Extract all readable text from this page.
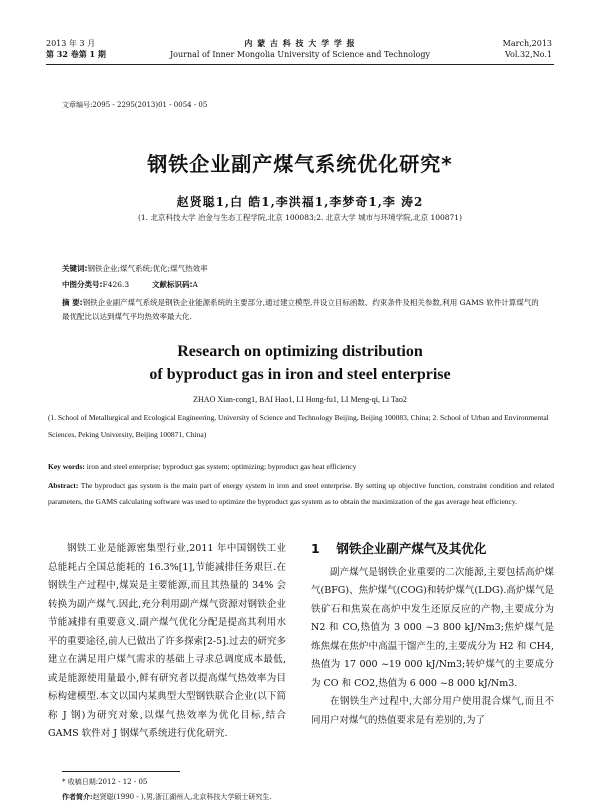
2013 年 3 月
第 32 卷第 1 期
内 蒙 古 科 技 大 学 学 报
Journal of Inner Mongolia University of Science and Technology
March,2013
Vol.32,No.1
文章编号:2095 - 2295(2013)01 - 0054 - 05
钢铁企业副产煤气系统优化研究*
赵贤聪1,白 皓1,李洪福1,李梦奇1,李 涛2
(1. 北京科技大学 冶金与生态工程学院,北京 100083;2. 北京大学 城市与环境学院,北京 100871)
关键词:钢铁企业;煤气系统;优化;煤气热效率
中图分类号:F426.3	文献标识码:A
摘 要:钢铁企业副产煤气系统是钢铁企业能源系统的主要部分,通过建立模型,并设立目标函数、约束条件及相关参数,利用 GAMS 软件计算煤气的最优配比以达到煤气平均热效率最大化.
Research on optimizing distribution
of byproduct gas in iron and steel enterprise
ZHAO Xian-cong1, BAI Hao1, LI Hong-fu1, LI Meng-qi, Li Tao2
(1. School of Metallurgical and Ecological Engineering, University of Science and Technology Beijing, Beijing 100083, China; 2. School of Urban and Environmental Sciences, Peking University, Beijing 100871, China)
Key words: iron and steel enterprise; byproduct gas system; optimizing; byproduct gas heat efficiency
Abstract: The byproduct gas system is the main part of energy system in iron and steel enterprise. By setting up objective function, constraint condition and related parameters, the GAMS calculating software was used to optimize the byproduct gas system as to obtain the maximization of the gas average heat efficiency.

钢铁工业是能源密集型行业,2011 年中国钢铁工业总能耗占全国总能耗的 16.3%[1],节能减排任务艰巨.在钢铁生产过程中,煤炭是主要能源,而且其热量的 34% 会转换为副产煤气.因此,充分利用副产煤气资源对钢铁企业节能减排有重要意义.副产煤气优化分配是提高其利用水平的重要途径,前人已做出了许多探索[2-5].过去的研究多建立在满足用户煤气需求的基础上寻求总调度成本最低,或是能源使用量最小,鲜有研究者以提高煤气热效率为目标构建模型.本文以国内某典型大型钢铁联合企业(以下简称 J 钢)为研究对象,以煤气热效率为优化目标,结合 GAMS 软件对 J 钢煤气系统进行优化研究.

1 钢铁企业副产煤气及其优化

副产煤气是钢铁企业重要的二次能源,主要包括高炉煤气(BFG)、焦炉煤气(COG)和转炉煤气(LDG).高炉煤气是铁矿石和焦炭在高炉中发生还原反应的产物,主要成分为 N2 和 CO,热值为 3 000 ~3 800 kJ/Nm3;焦炉煤气是炼焦煤在焦炉中高温干馏产生的,主要成分为 H2 和 CH4,热值为 17 000 ~19 000 kJ/Nm3;转炉煤气的主要成分为 CO 和 CO2,热值为 6 000 ~8 000 kJ/Nm3.

在钢铁生产过程中,大部分用户使用混合煤气,而且不同用户对煤气的热值要求是有差别的,为了

* 收稿日期:2012 - 12 - 05
作者简介:赵贤聪(1990 - ),男,浙江湖州人,北京科技大学硕士研究生.
